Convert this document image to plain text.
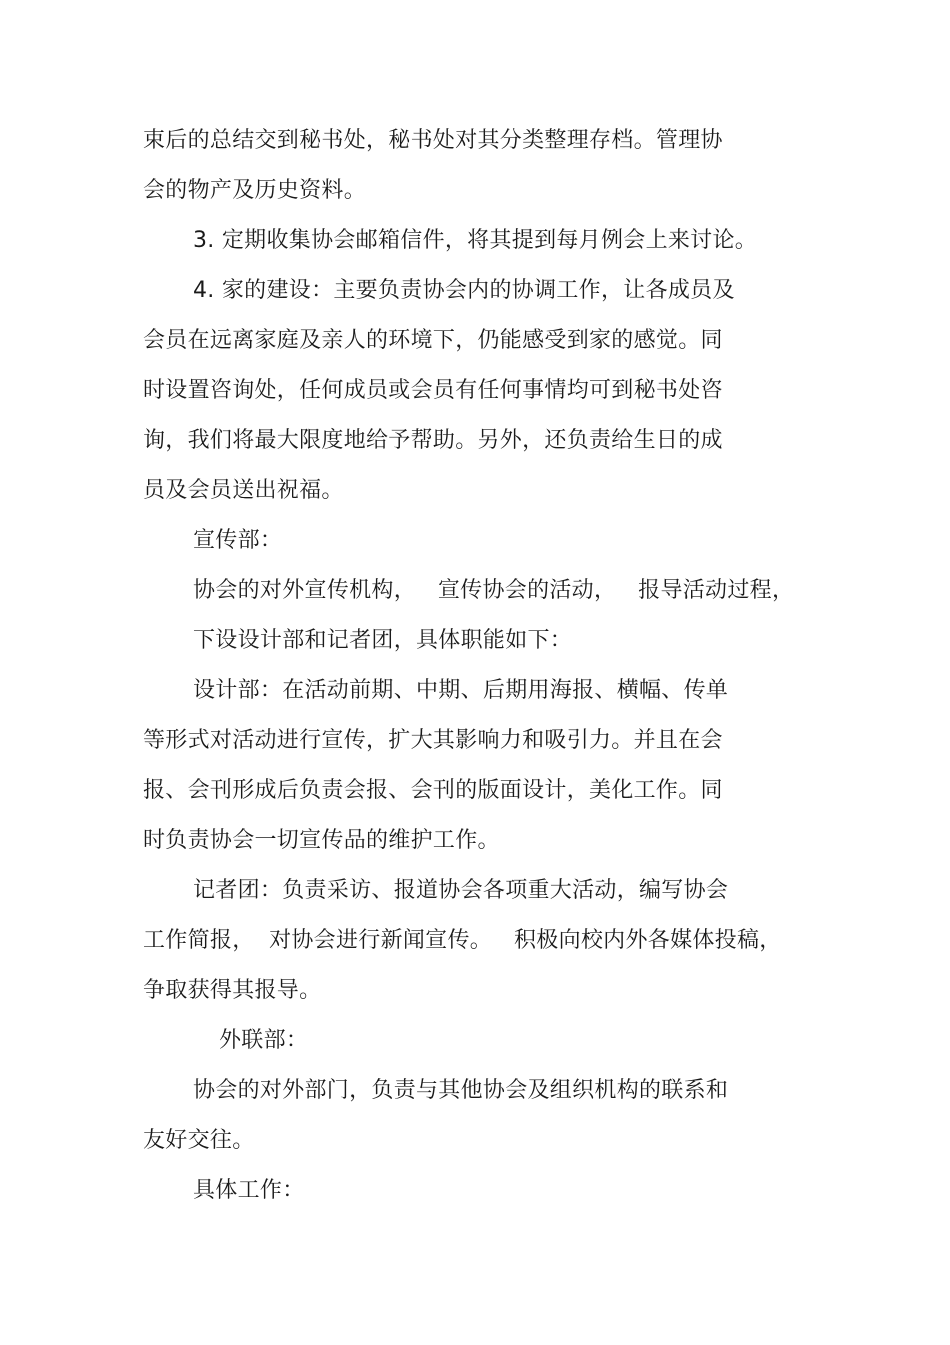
束后的总结交到秘书处，秘书处对其分类整理存档。管理协

会的物产及历史资料。

3. 定期收集协会邮箱信件，将其提到每月例会上来讨论。

4. 家的建设：主要负责协会内的协调工作，让各成员及

会员在远离家庭及亲人的环境下，仍能感受到家的感觉。同

时设置咨询处，任何成员或会员有任何事情均可到秘书处咨

询，我们将最大限度地给予帮助。另外，还负责给生日的成

员及会员送出祝福。

宣传部：

协会的对外宣传机构，   宣传协会的活动，   报导活动过程，

下设设计部和记者团，具体职能如下：

设计部：在活动前期、中期、后期用海报、横幅、传单

等形式对活动进行宣传，扩大其影响力和吸引力。并且在会

报、会刊形成后负责会报、会刊的版面设计，美化工作。同

时负责协会一切宣传品的维护工作。

记者团：负责采访、报道协会各项重大活动，编写协会

工作简报，  对协会进行新闻宣传。   积极向校内外各媒体投稿，

争取获得其报导。

外联部：

协会的对外部门，负责与其他协会及组织机构的联系和

友好交往。

具体工作：
